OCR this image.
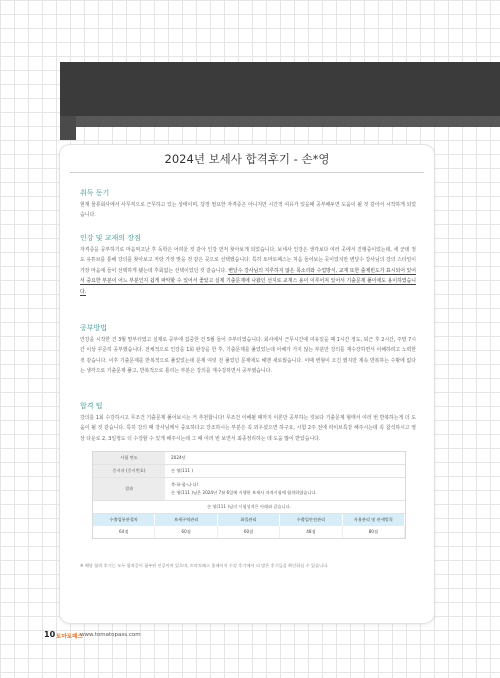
2024년 보세사 합격후기 - 손*영
취득 동기
현재 물류회사에서 사무직으로 근무하고 있는 상태이며, 당장 필요한 자격증은 아니지만 시간적 여유가 있을때 공부해두면 도움이 될 것 같아서 시작하게 되었습니다.
인강 및 교재의 장점
자격증을 공부하기로 마음먹고난 후 독학은 어려울 것 같아 인강 먼저 찾아보게 되었습니다. 보세사 인강은 생각보다 여러 곳에서 진행중이었는데, 세 군데 정도 유튜브를 통해 강의를 찾아보고 저랑 가장 맞을 것 같은 곳으로 선택했습니다. 특히 토마토패스는 처음 들어보는 곳이었지만 변달수 강사님의 강의 스타일이 가장 마음에 들어 선택하게 됐는데 후회없는 선택이었던 것 같습니다. 변달수 강사님의 지루하지 않은 목소리와 수업방식, 교재 또한 출제빈도가 표시되어 있어서 중요한 부분이 어느 부분인지 쉽게 파악할 수 있어서 좋았고 실제 기출문제에 나왔던 선지로 교재스 용이 이루어져 있어서 기출문제 풀이에도 용이하였습니다.
공부방법
인강을 시작한 건 3월 말부터였고 실제로 공부에 집중한 건 5월 들어 주부터였습니다. 회사에서 근무시간에 여유있을 때 1시간 정도, 퇴근 후 2시간, 주말 7시간 이상 꾸준히 공부했습니다. 전체적으로 인강을 1회 완강을 한 후, 기출문제를 풀었었는데 이해가 가지 않는 부분만 강의를 재수강하면서 이해하려고 노력한 것 같습니다. 이후 기출문제를 반복적으로 풀었었는데 문제 여럿 전 풀었던 문제에도 헤맨 새로웠습니다. 이때 변형이 오긴 했지만 계속 반복하는 수밖에 없다는 생각으로 기출문제 풀고, 반복적으로 틀리는 부분은 강의를 재수강하면서 공부했습니다.
합격 팁
강의를 1회 수강하시고 무조건 기출문제 풀어보시는 거 추천합니다! 무조건 이해될 때까지 이론만 공부하는 것보다 기출문제 형태서 여러 번 반복하는게 더 도움이 될 것 같습니다. 특히 강의 때 강사님께서 중요하다고 강조하시는 부분은 꼭 외우셨으면 하구요, 시험 2주 전에 라이브특강 해주시는데 꼭 참석하시고 영상 다운로 2, 3일정도 더 수강할 수 있게 해주시는데 그 때 여러 번 보면서 최종정리하는 데 도움 많이 받았습니다.
시험 연도	2024년
응시자 (응시번호)	손 영(111 )
결과
축·하·합·니·다!
손 영(111 )님은 2024년 7월 6일에 시행한 보세사 자격시험에 합격하였습니다.
손 영(111 )님의 시험성적은 아래와 같습니다.
수출입통관절차	보세구역관리	화물관리	수출입안전관리	자율관리 및 관세벌칙
64점	60점	60점	48점	80점
※ 해당 합격 후기는 모두 합격증이 첨부된 인증이며 있으며, 토마토패스 홈페이지 수강 후기에서 더 많은 후기들을 확인하실 수 있습니다.
10 토마토패스
www.tomatopass.com
